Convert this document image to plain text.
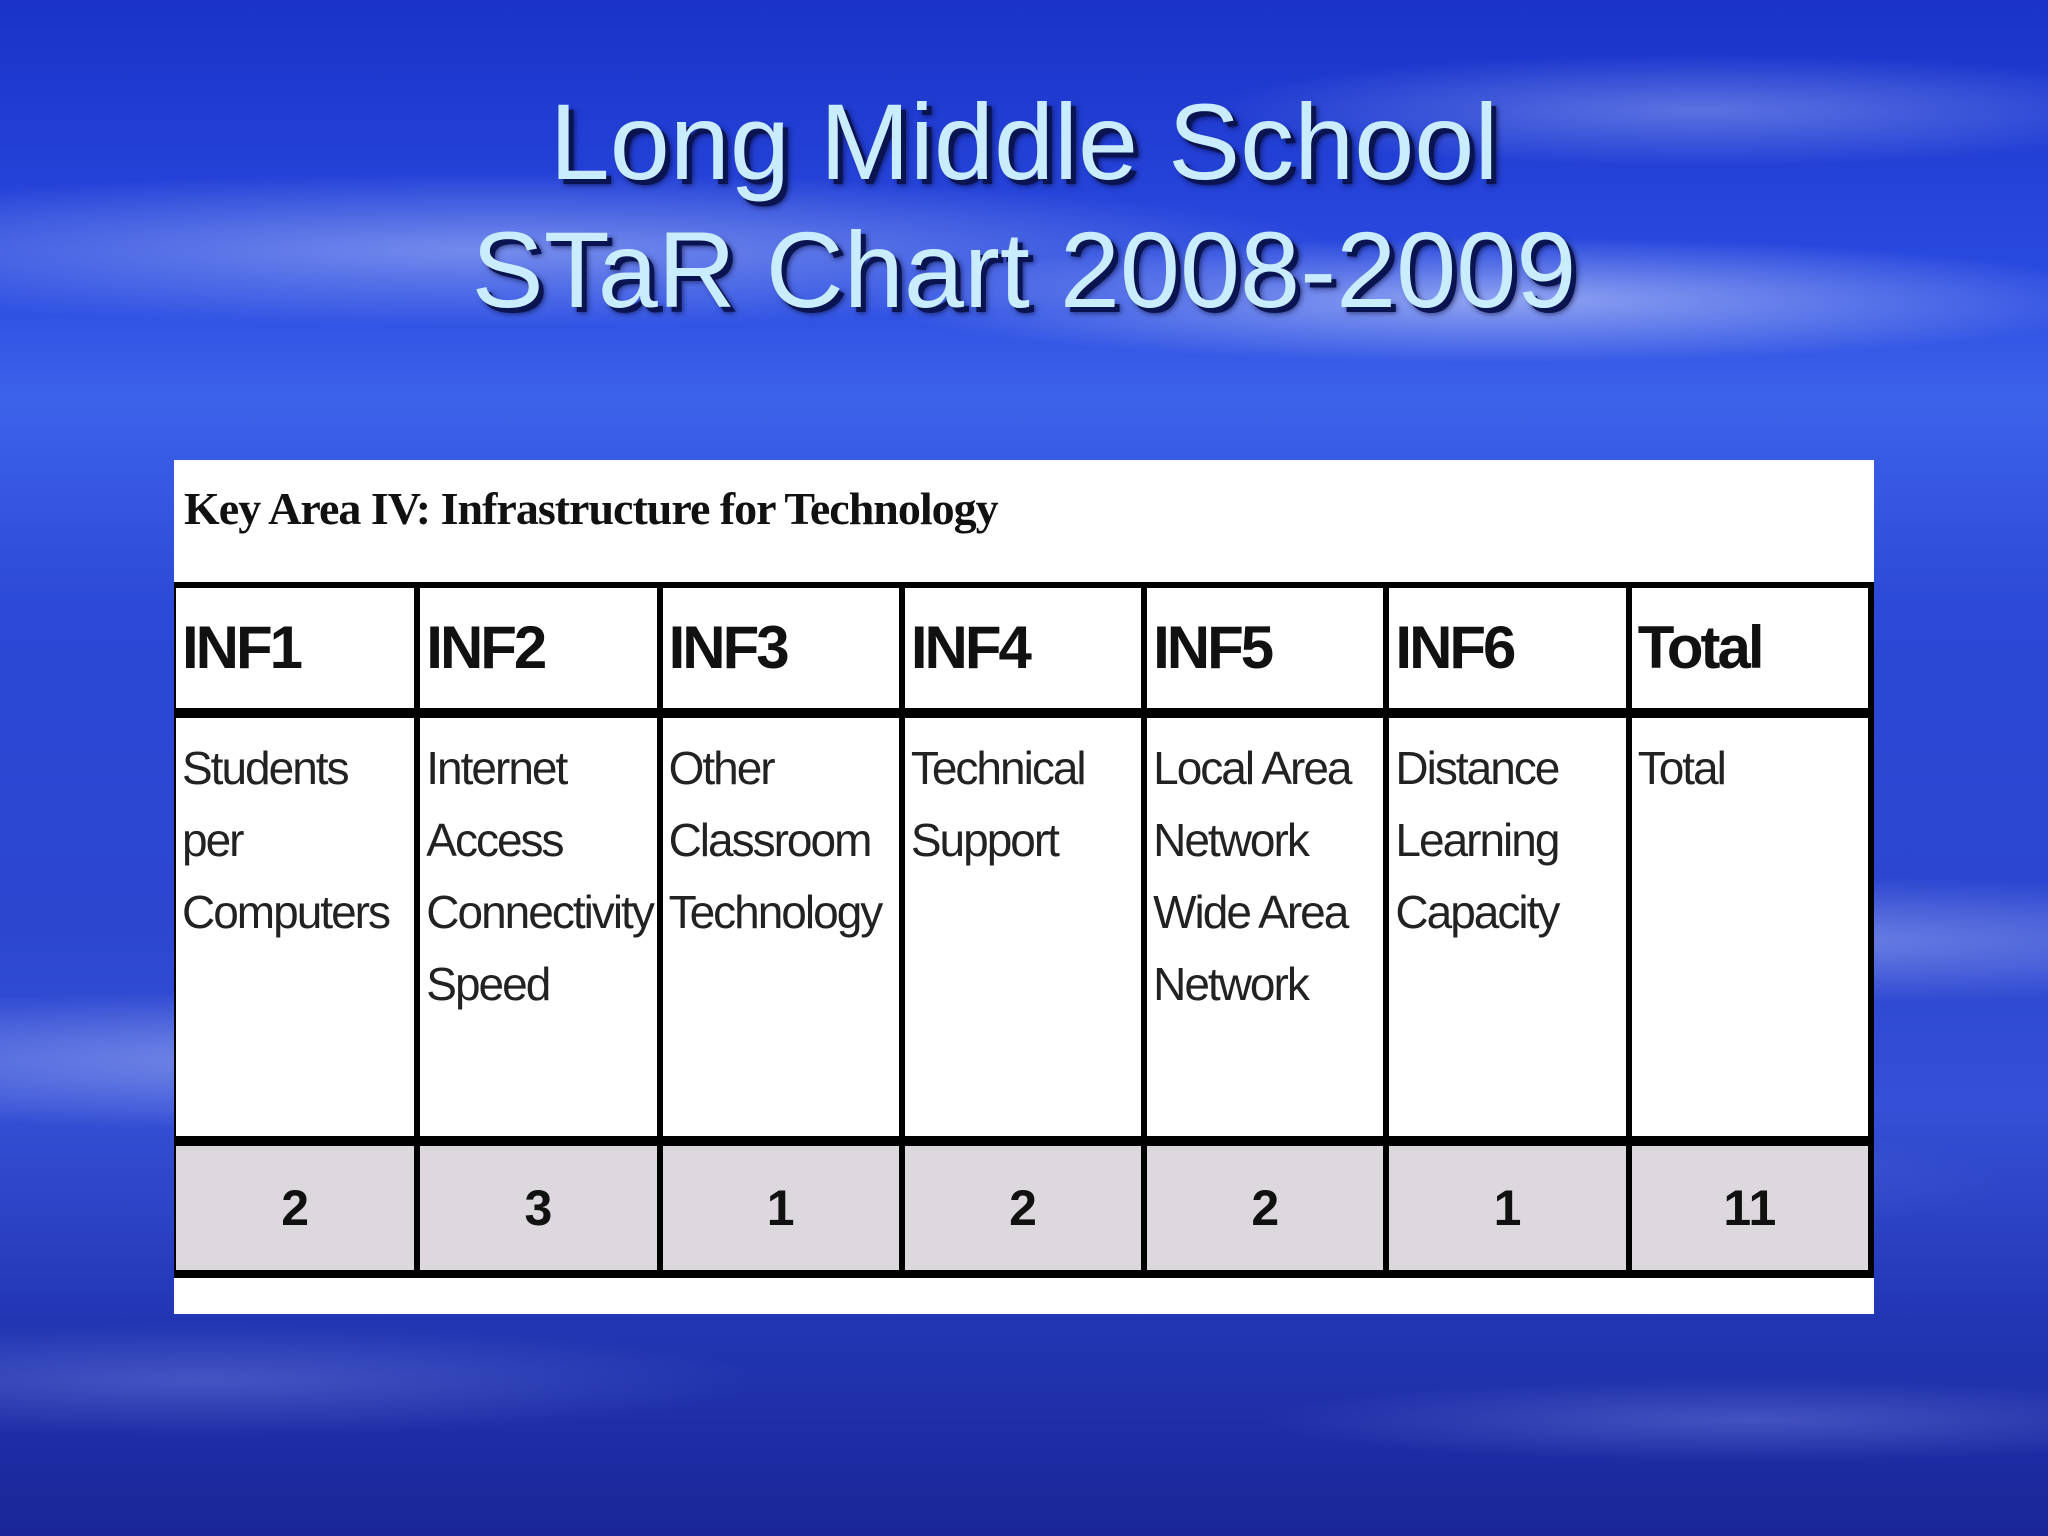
Long Middle School
STaR Chart 2008-2009
Key Area IV: Infrastructure for Technology
INF1	INF2	INF3	INF4	INF5	INF6	Total
Students per Computers	Internet Access Connectivity Speed	Other Classroom Technology	Technical Support	Local Area Network Wide Area Network	Distance Learning Capacity	Total
2	3	1	2	2	1	11
